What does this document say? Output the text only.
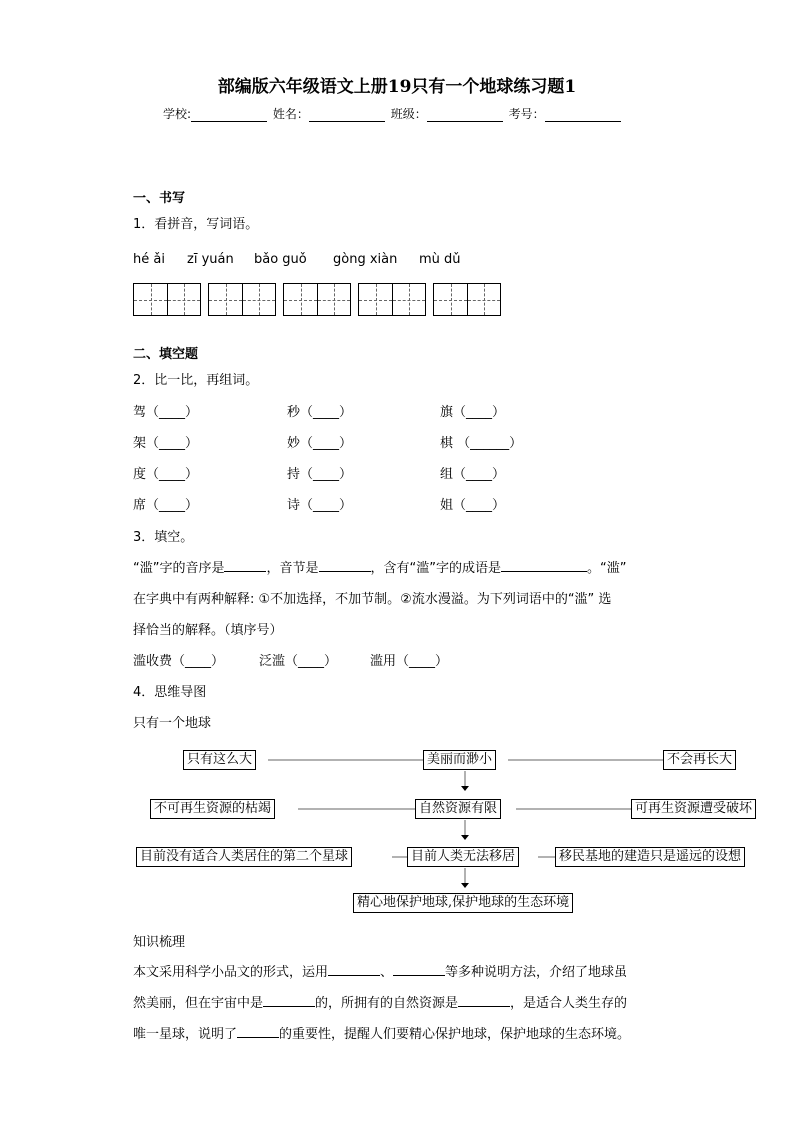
部编版六年级语文上册19只有一个地球练习题1
学校:	姓名：	班级：	考号：
一、书写
1．看拼音，写词语。
hé ǎi zī yuán bǎo guǒ gòng xiàn mù dǔ
二、填空题
2．比一比，再组词。
驾（____）	秒（____）	旗（____）
架（____）	妙（____）	棋 （______）
度（____）	持（____）	组（____）
席（____）	诗（____）	姐（____）
3．填空。
“滥”字的音序是	，音节是	，含有“滥”字的成语是	。“滥”
在字典中有两种解释: ①不加选择，不加节制。②流水漫溢。为下列词语中的“滥” 选
择恰当的解释。（填序号）
滥收费（____）	泛滥（____）	滥用（____）
4．思维导图
只有一个地球
只有这么大	美丽而渺小	不会再长大
不可再生资源的枯竭	自然资源有限	可再生资源遭受破坏
目前没有适合人类居住的第二个星球	目前人类无法移居	移民基地的建造只是遥远的设想
精心地保护地球,保护地球的生态环境
知识梳理
本文采用科学小品文的形式，运用	、	等多种说明方法，介绍了地球虽
然美丽，但在宇宙中是	的，所拥有的自然资源是	，是适合人类生存的
唯一星球，说明了	的重要性，提醒人们要精心保护地球，保护地球的生态环境。
